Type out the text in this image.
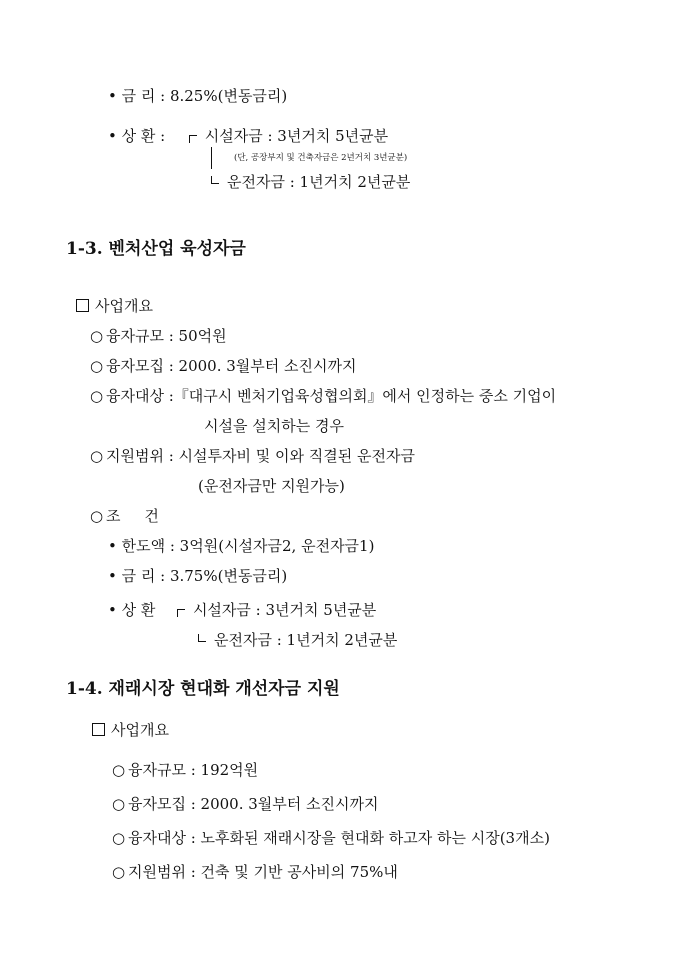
• 금 리 : 8.25%(변동금리)
• 상 환 :	시설자금 : 3년거치 5년균분
(단, 공장부지 및 건축자금은 2년거치 3년균분)
운전자금 : 1년거치 2년균분
1-3. 벤처산업 육성자금
사업개요
○ 융자규모 : 50억원
○ 융자모집 : 2000. 3월부터 소진시까지
○ 융자대상 :『대구시 벤처기업육성협의회』에서 인정하는 중소 기업이
시설을 설치하는 경우
○ 지원범위 : 시설투자비 및 이와 직결된 운전자금
(운전자금만 지원가능)
○ 조     건
• 한도액 : 3억원(시설자금2, 운전자금1)
• 금 리 : 3.75%(변동금리)
• 상 환	시설자금 : 3년거치 5년균분
운전자금 : 1년거치 2년균분
1-4. 재래시장 현대화 개선자금 지원
사업개요
○ 융자규모 : 192억원
○ 융자모집 : 2000. 3월부터 소진시까지
○ 융자대상 : 노후화된 재래시장을 현대화 하고자 하는 시장(3개소)
○ 지원범위 : 건축 및 기반 공사비의 75%내
